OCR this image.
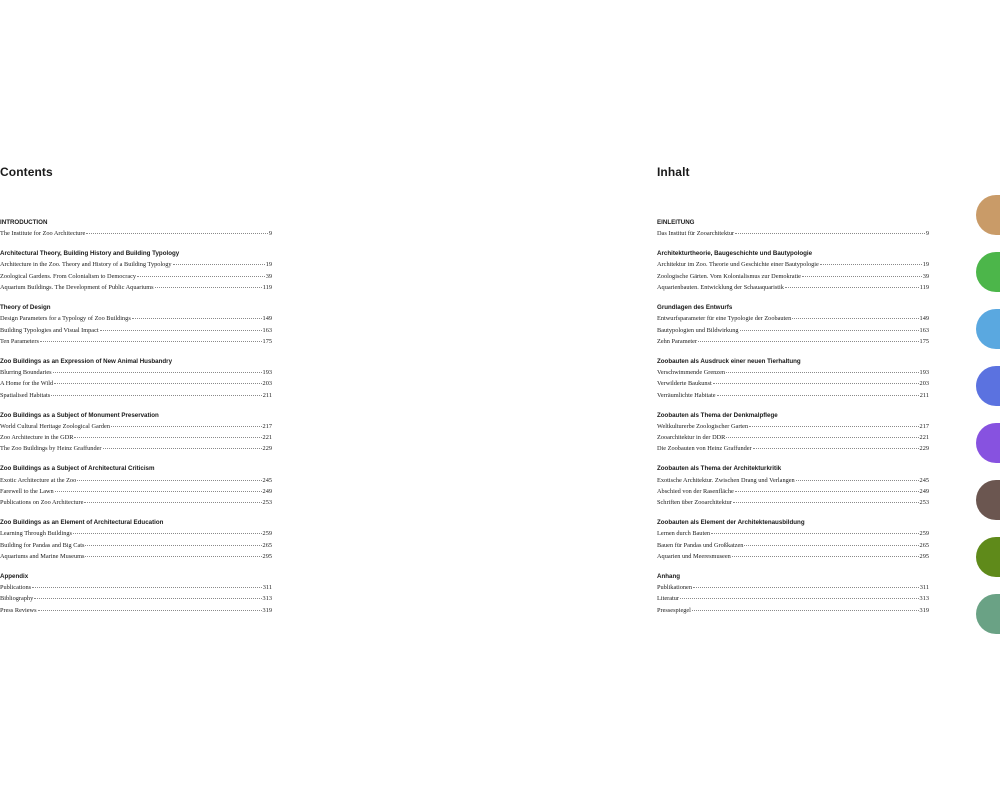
Contents
INTRODUCTION
The Institute for Zoo Architecture	9
Architectural Theory, Building History and Building Typology
Architecture in the Zoo. Theory and History of a Building Typology	19
Zoological Gardens. From Colonialism to Democracy	39
Aquarium Buildings. The Development of Public Aquariums	119
Theory of Design
Design Parameters for a Typology of Zoo Buildings	149
Building Typologies and Visual Impact	163
Ten Parameters	175
Zoo Buildings as an Expression of New Animal Husbandry
Blurring Boundaries	193
A Home for the Wild	203
Spatialised Habitats	211
Zoo Buildings as a Subject of Monument Preservation
World Cultural Heritage Zoological Garden	217
Zoo Architecture in the GDR	221
The Zoo Buildings by Heinz Graffunder	229
Zoo Buildings as a Subject of Architectural Criticism
Exotic Architecture at the Zoo	245
Farewell to the Lawn	249
Publications on Zoo Architecture	253
Zoo Buildings as an Element of Architectural Education
Learning Through Buildings	259
Building for Pandas and Big Cats	265
Aquariums and Marine Museums	295
Appendix
Publications	311
Bibliography	313
Press Reviews	319
Inhalt
EINLEITUNG
Das Institut für Zooarchitektur	9
Architekturtheorie, Baugeschichte und Bautypologie
Architektur im Zoo. Theorie und Geschichte einer Bautypologie	19
Zoologische Gärten. Vom Kolonialismus zur Demokratie	39
Aquarienbauten. Entwicklung der Schauaquaristik	119
Grundlagen des Entwurfs
Entwurfsparameter für eine Typologie der Zoobauten	149
Bautypologien und Bildwirkung	163
Zehn Parameter	175
Zoobauten als Ausdruck einer neuen Tierhaltung
Verschwimmende Grenzen	193
Verwilderte Baukunst	203
Verräumlichte Habitate	211
Zoobauten als Thema der Denkmalpflege
Weltkulturerbe Zoologischer Garten	217
Zooarchitektur in der DDR	221
Die Zoobauten von Heinz Graffunder	229
Zoobauten als Thema der Architekturkritik
Exotische Architektur. Zwischen Drang und Verlangen	245
Abschied von der Rasenfläche	249
Schriften über Zooarchitektur	253
Zoobauten als Element der Architektenausbildung
Lernen durch Bauten	259
Bauen für Pandas und Großkatzen	265
Aquarien und Meeresmuseen	295
Anhang
Publikationen	311
Literatur	313
Pressespiegel	319
